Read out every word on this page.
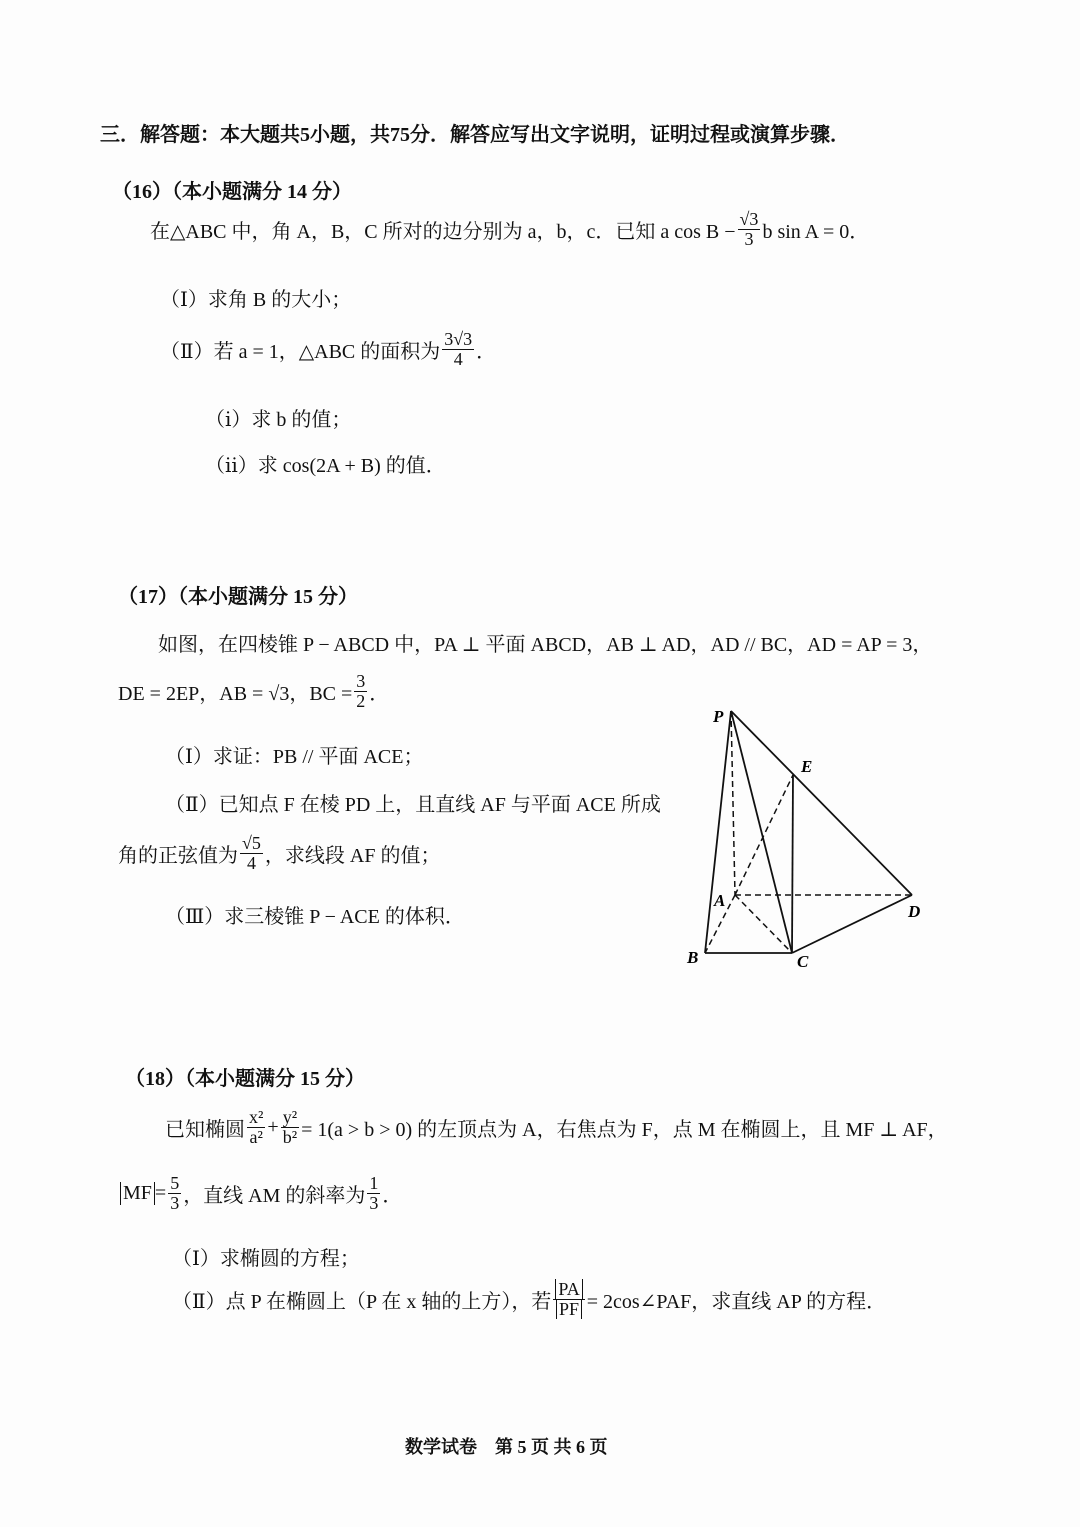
三．解答题：本大题共5小题，共75分．解答应写出文字说明，证明过程或演算步骤．
（16）（本小题满分 14 分）
在△ABC 中，角 A，B，C 所对的边分别为 a，b，c．已知 a $\cos B - \frac{√3}{3}$ b sin A = 0．
（Ⅰ）求角 B 的大小；
（Ⅱ）若 a = 1，△ABC 的面积为 $\frac{3√3}{4}$ ．
（ⅰ）求 b 的值；
（ⅱ）求 cos(2A + B) 的值．
（17）（本小题满分 15 分）
如图，在四棱锥 P − ABCD 中，PA ⊥ 平面 ABCD，AB ⊥ AD，AD // BC，AD = AP = 3，
DE = 2EP，AB = √3，BC = $\frac{3}{2}$ ．
（Ⅰ）求证：PB // 平面 ACE；
（Ⅱ）已知点 F 在棱 PD 上，且直线 AF 与平面 ACE 所成
角的正弦值为 $\frac{√5}{4}$ ，求线段 AF 的值；
（Ⅲ）求三棱锥 P − ACE 的体积．
P
E
A
D
B	C
（18）（本小题满分 15 分）
已知椭圆 $\frac{\text{x²}}{\text{a²}} + \frac{\text{y²}}{\text{b²}} = 1(a > b > 0)$ 的左顶点为 A，右焦点为 F，点 M 在椭圆上，且 MF ⊥ AF，
MF = $\frac{5}{3}$ ，直线 AM 的斜率为 $\frac{1}{3}$ ．
（Ⅰ）求椭圆的方程；
（Ⅱ）点 P 在椭圆上（P 在 x 轴的上方），若 $\frac{PA}{PF}$ = 2cos∠PAF，求直线 AP 的方程．
数学试卷　第 5 页 共 6 页
